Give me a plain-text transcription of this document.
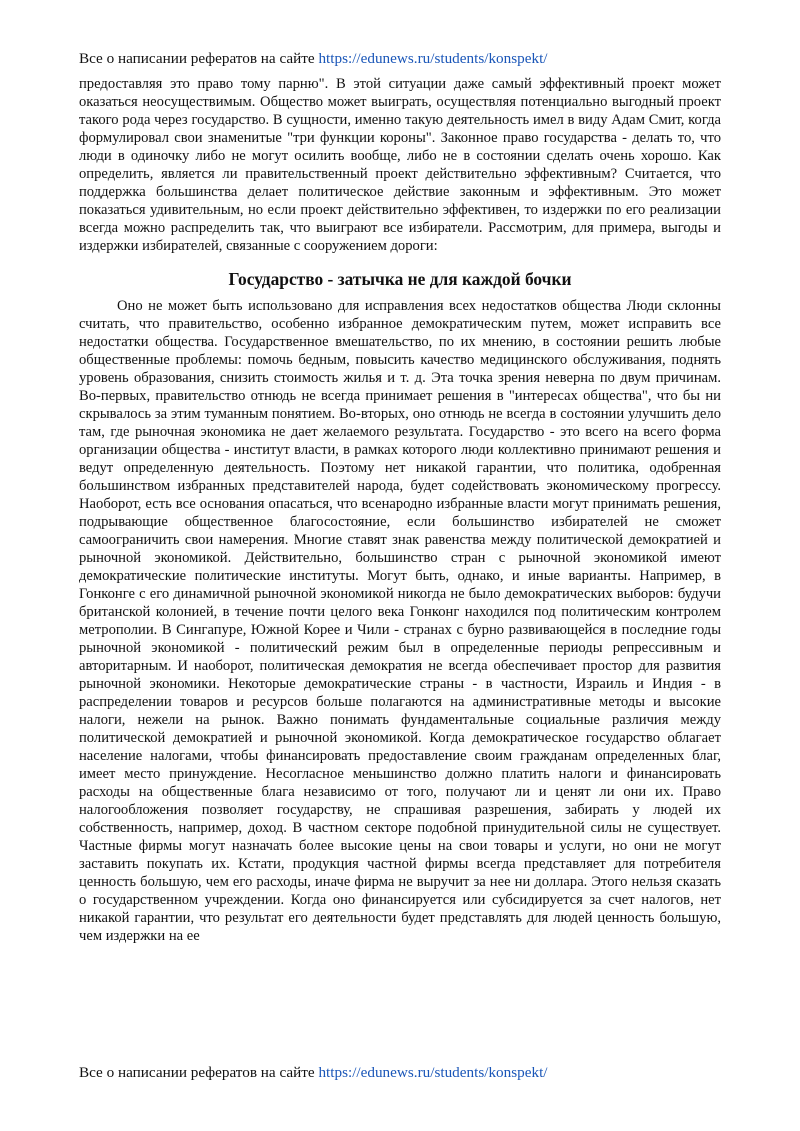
Все о написании рефератов на сайте https://edunews.ru/students/konspekt/

предоставляя это право тому парню". В этой ситуации даже самый эффективный проект может оказаться неосуществимым. Общество может выиграть, осуществляя потенциально выгодный проект такого рода через государство. В сущности, именно такую деятельность имел в виду Адам Смит, когда формулировал свои знаменитые "три функции короны". Законное право государства - делать то, что люди в одиночку либо не могут осилить вообще, либо не в состоянии сделать очень хорошо. Как определить, является ли правительственный проект действительно эффективным? Считается, что поддержка большинства делает политическое действие законным и эффективным. Это может показаться удивительным, но если проект действительно эффективен, то издержки по его реализации всегда можно распределить так, что выиграют все избиратели. Рассмотрим, для примера, выгоды и издержки избирателей, связанные с сооружением дороги:

Государство - затычка не для каждой бочки

Оно не может быть использовано для исправления всех недостатков общества Люди склонны считать, что правительство, особенно избранное демократическим путем, может исправить все недостатки общества. Государственное вмешательство, по их мнению, в состоянии решить любые общественные проблемы: помочь бедным, повысить качество медицинского обслуживания, поднять уровень образования, снизить стоимость жилья и т. д. Эта точка зрения неверна по двум причинам. Во-первых, правительство отнюдь не всегда принимает решения в "интересах общества", что бы ни скрывалось за этим туманным понятием. Во-вторых, оно отнюдь не всегда в состоянии улучшить дело там, где рыночная экономика не дает желаемого результата. Государство - это всего на всего форма организации общества - институт власти, в рамках которого люди коллективно принимают решения и ведут определенную деятельность. Поэтому нет никакой гарантии, что политика, одобренная большинством избранных представителей народа, будет содействовать экономическому прогрессу. Наоборот, есть все основания опасаться, что всенародно избранные власти могут принимать решения, подрывающие общественное благосостояние, если большинство избирателей не сможет самоограничить свои намерения. Многие ставят знак равенства между политической демократией и рыночной экономикой. Действительно, большинство стран с рыночной экономикой имеют демократические политические институты. Могут быть, однако, и иные варианты. Например, в Гонконге с его динамичной рыночной экономикой никогда не было демократических выборов: будучи британской колонией, в течение почти целого века Гонконг находился под политическим контролем метрополии. В Сингапуре, Южной Корее и Чили - странах с бурно развивающейся в последние годы рыночной экономикой - политический режим был в определенные периоды репрессивным и авторитарным. И наоборот, политическая демократия не всегда обеспечивает простор для развития рыночной экономики. Некоторые демократические страны - в частности, Израиль и Индия - в распределении товаров и ресурсов больше полагаются на административные методы и высокие налоги, нежели на рынок. Важно понимать фундаментальные социальные различия между политической демократией и рыночной экономикой. Когда демократическое государство облагает население налогами, чтобы финансировать предоставление своим гражданам определенных благ, имеет место принуждение. Несогласное меньшинство должно платить налоги и финансировать расходы на общественные блага независимо от того, получают ли и ценят ли они их. Право налогообложения позволяет государству, не спрашивая разрешения, забирать у людей их собственность, например, доход. В частном секторе подобной принудительной силы не существует. Частные фирмы могут назначать более высокие цены на свои товары и услуги, но они не могут заставить покупать их. Кстати, продукция частной фирмы всегда представляет для потребителя ценность большую, чем его расходы, иначе фирма не выручит за нее ни доллара. Этого нельзя сказать о государственном учреждении. Когда оно финансируется или субсидируется за счет налогов, нет никакой гарантии, что результат его деятельности будет представлять для людей ценность большую, чем издержки на ее

Все о написании рефератов на сайте https://edunews.ru/students/konspekt/
